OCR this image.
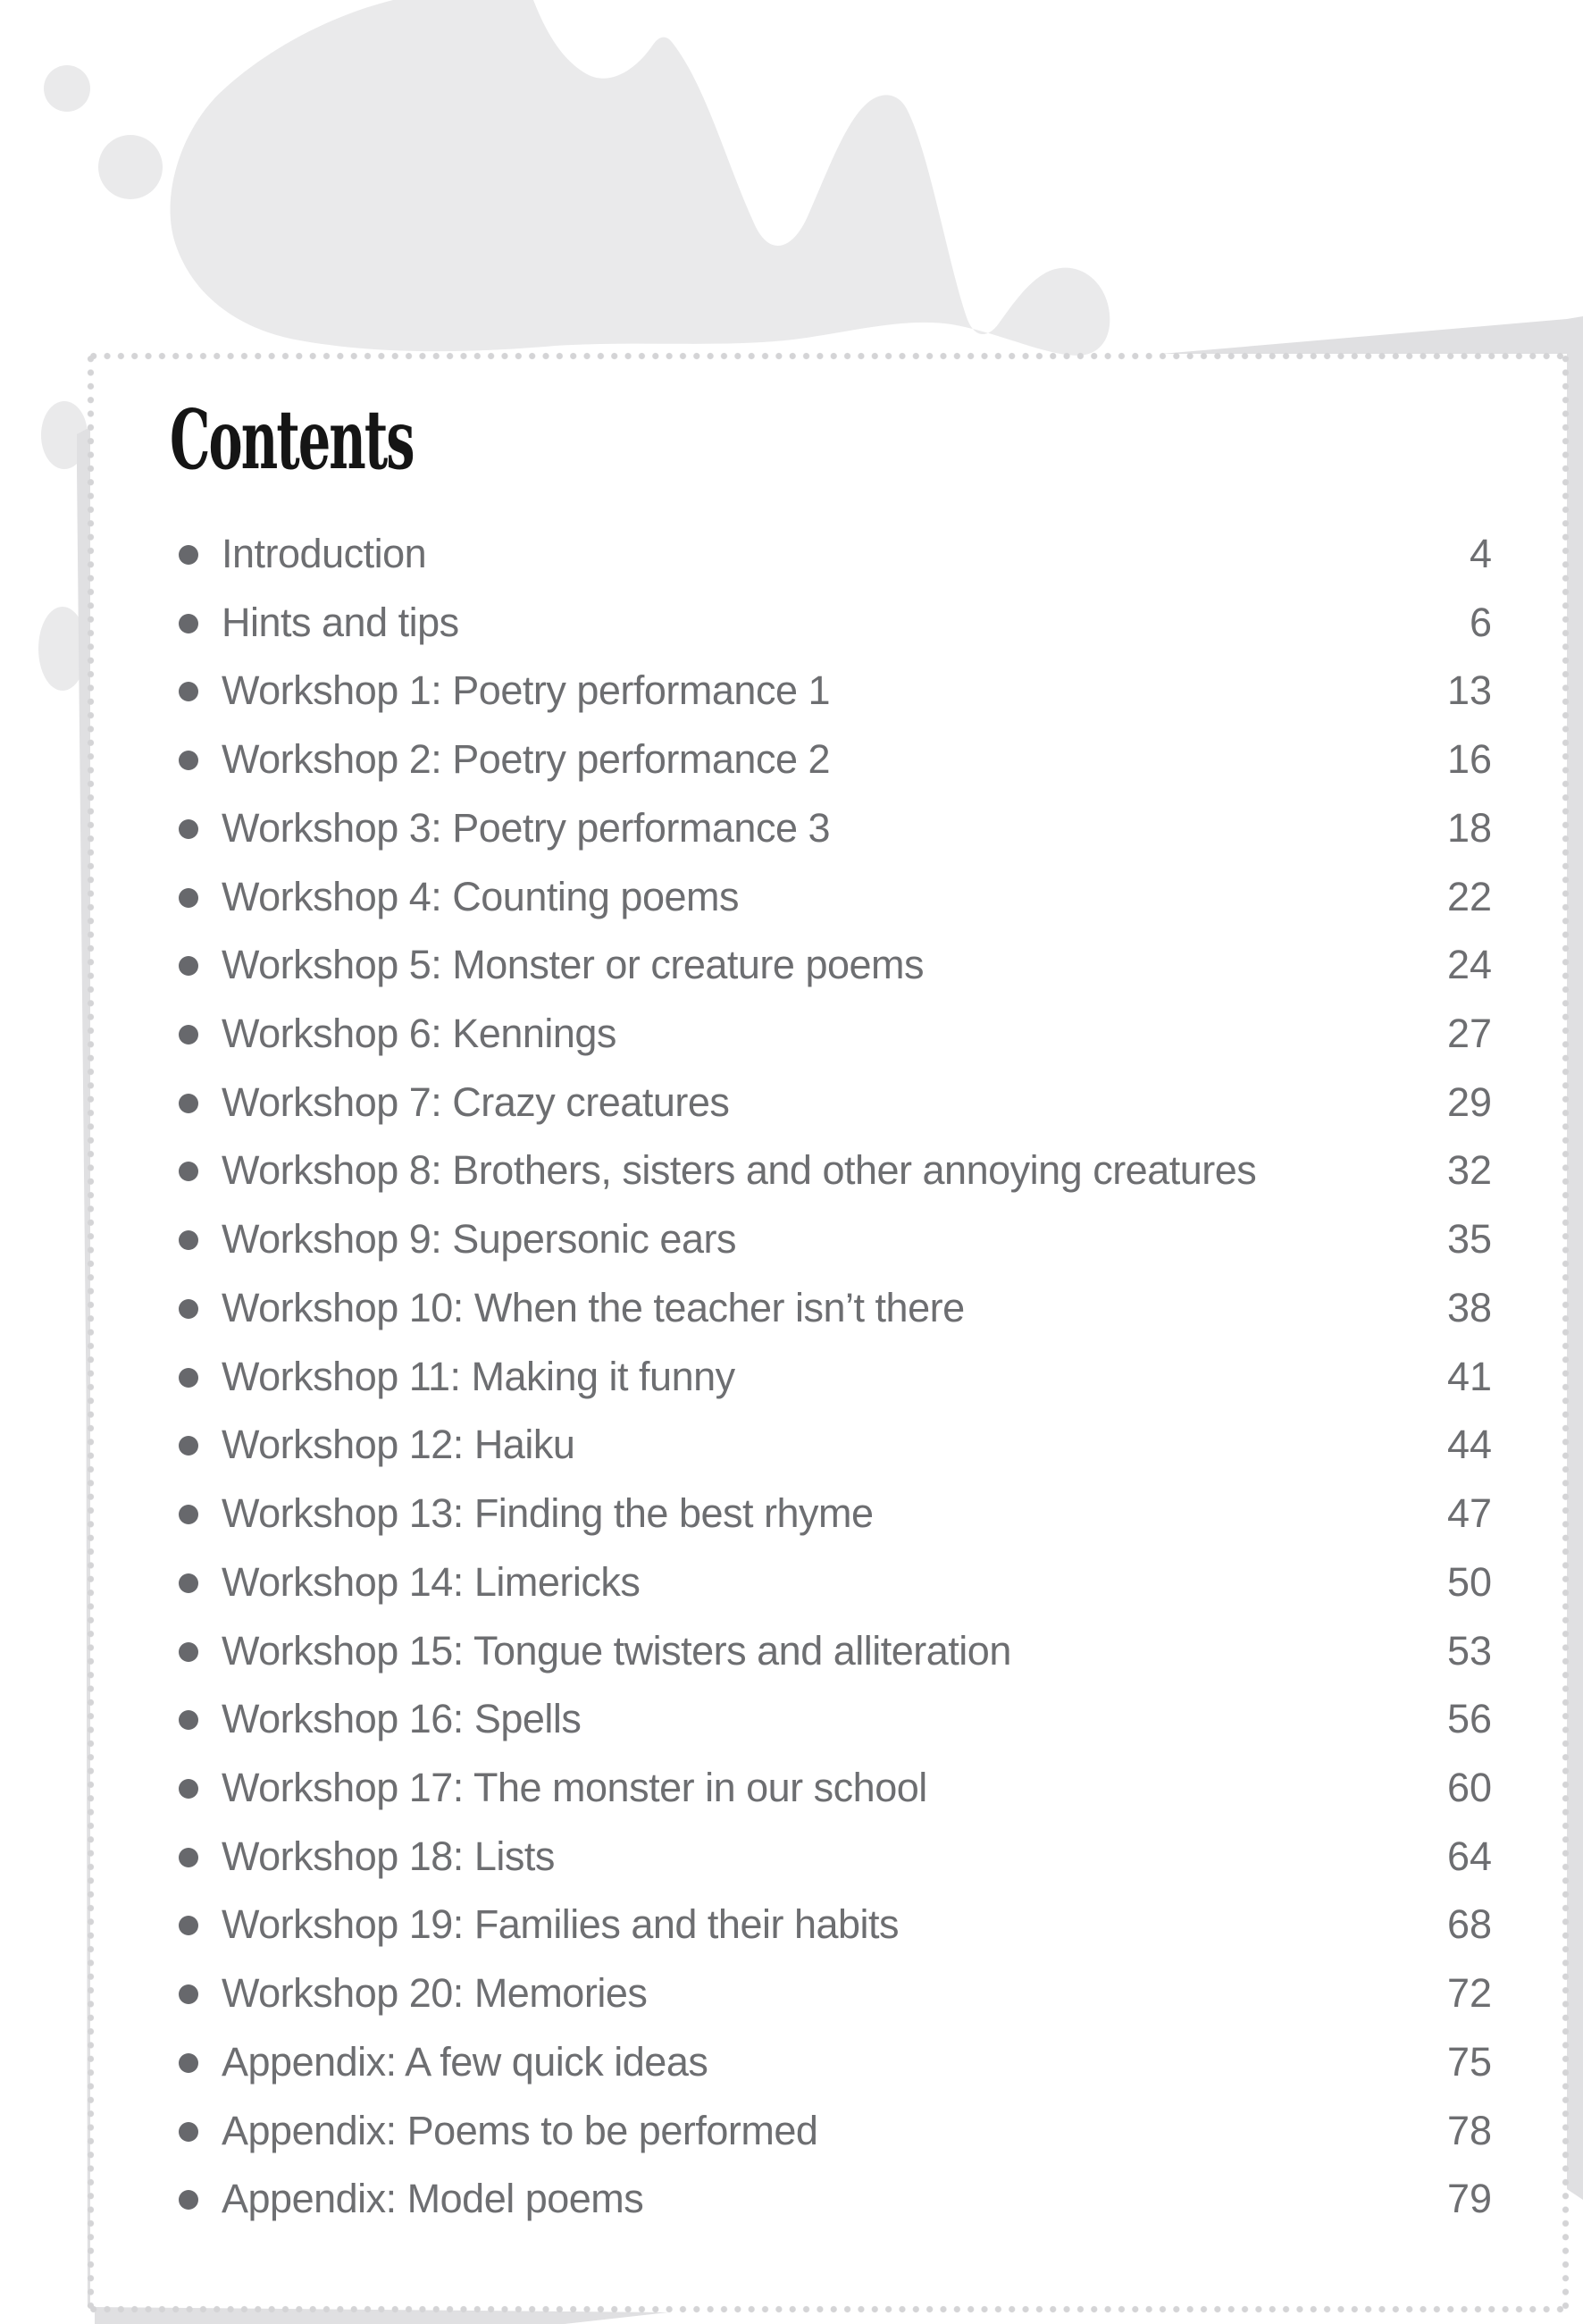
Contents
Introduction	4
Hints and tips	6
Workshop 1: Poetry performance 1	13
Workshop 2: Poetry performance 2	16
Workshop 3: Poetry performance 3	18
Workshop 4: Counting poems	22
Workshop 5: Monster or creature poems	24
Workshop 6: Kennings	27
Workshop 7: Crazy creatures	29
Workshop 8: Brothers, sisters and other annoying creatures	32
Workshop 9: Supersonic ears	35
Workshop 10: When the teacher isn’t there	38
Workshop 11: Making it funny	41
Workshop 12: Haiku	44
Workshop 13: Finding the best rhyme	47
Workshop 14: Limericks	50
Workshop 15: Tongue twisters and alliteration	53
Workshop 16: Spells	56
Workshop 17: The monster in our school	60
Workshop 18: Lists	64
Workshop 19: Families and their habits	68
Workshop 20: Memories	72
Appendix: A few quick ideas	75
Appendix: Poems to be performed	78
Appendix: Model poems	79
